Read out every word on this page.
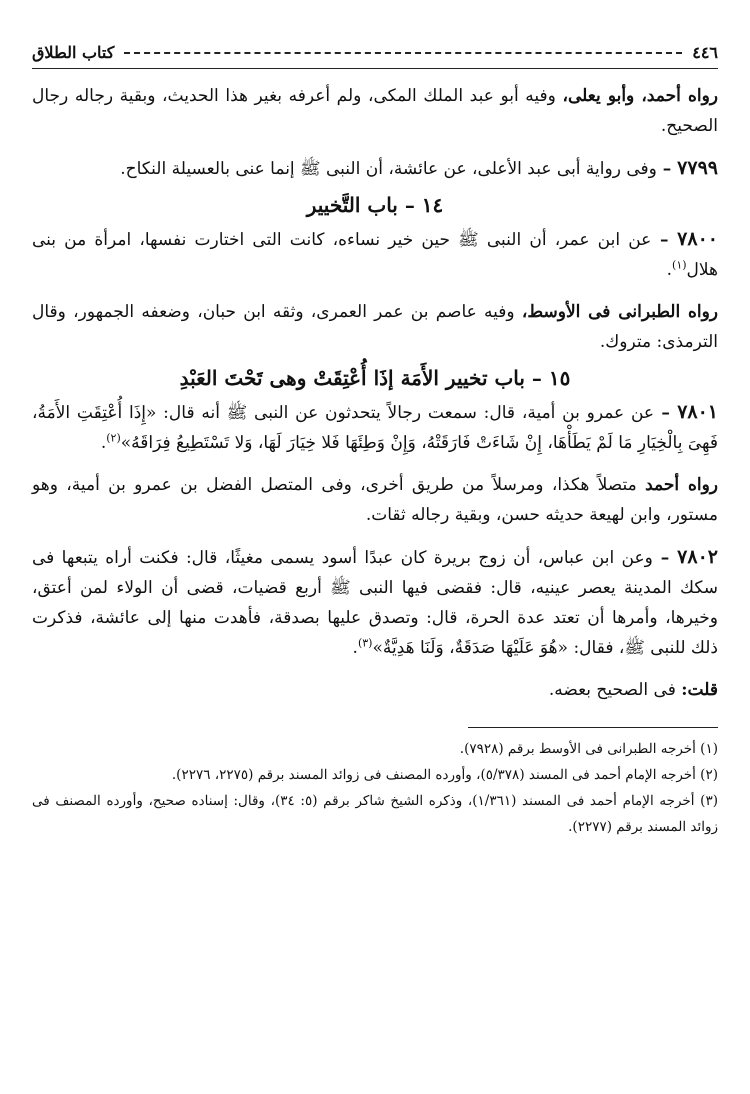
٤٤٦
كتاب الطلاق

رواه أحمد، وأبو يعلى، وفيه أبو عبد الملك المكى، ولم أعرفه بغير هذا الحديث، وبقية رجاله رجال الصحيح.

٧٧٩٩ – وفى رواية أبى عبد الأعلى، عن عائشة، أن النبى ﷺ إنما عنى بالعسيلة النكاح.

١٤ – باب التَّخيير

٧٨٠٠ – عن ابن عمر، أن النبى ﷺ حين خير نساءه، كانت التى اختارت نفسها، امرأة من بنى هلال$^{(١)}$.

رواه الطبرانى فى الأوسط، وفيه عاصم بن عمر العمرى، وثقه ابن حبان، وضعفه الجمهور، وقال الترمذى: متروك.

١٥ – باب تخيير الأَمَة إذَا أُعْتِقَتْ وهى تَحْتَ العَبْدِ

٧٨٠١ – عن عمرو بن أمية، قال: سمعت رجالاً يتحدثون عن النبى ﷺ أنه قال: «إِذَا أُعْتِقَتِ الأَمَةُ، فَهِىَ بِالْخِيَارِ مَا لَمْ يَطَأْهَا، إِنْ شَاءَتْ فَارَقَتْهُ، وَإِنْ وَطِئَهَا فَلا خِيَارَ لَهَا، وَلا تَسْتَطِيعُ فِرَاقَهُ»$^{(٢)}$.

رواه أحمد متصلاً هكذا، ومرسلاً من طريق أخرى، وفى المتصل الفضل بن عمرو بن أمية، وهو مستور، وابن لهيعة حديثه حسن، وبقية رجاله ثقات.

٧٨٠٢ – وعن ابن عباس، أن زوج بريرة كان عبدًا أسود يسمى مغيثًا، قال: فكنت أراه يتبعها فى سكك المدينة يعصر عينيه، قال: فقضى فيها النبى ﷺ أربع قضيات، قضى أن الولاء لمن أعتق، وخيرها، وأمرها أن تعتد عدة الحرة، قال: وتصدق عليها بصدقة، فأهدت منها إلى عائشة، فذكرت ذلك للنبى ﷺ، فقال: «هُوَ عَلَيْهَا صَدَقَةٌ، وَلَنَا هَدِيَّةٌ»$^{(٣)}$.

قلت: فى الصحيح بعضه.

(١) أخرجه الطبرانى فى الأوسط برقم (٧٩٢٨).

(٢) أخرجه الإمام أحمد فى المسند (٥/٣٧٨)، وأورده المصنف فى زوائد المسند برقم (٢٢٧٥، ٢٢٧٦).

(٣) أخرجه الإمام أحمد فى المسند (١/٣٦١)، وذكره الشيخ شاكر برقم (٥: ٣٤)، وقال: إسناده صحيح، وأورده المصنف فى زوائد المسند برقم (٢٢٧٧).
